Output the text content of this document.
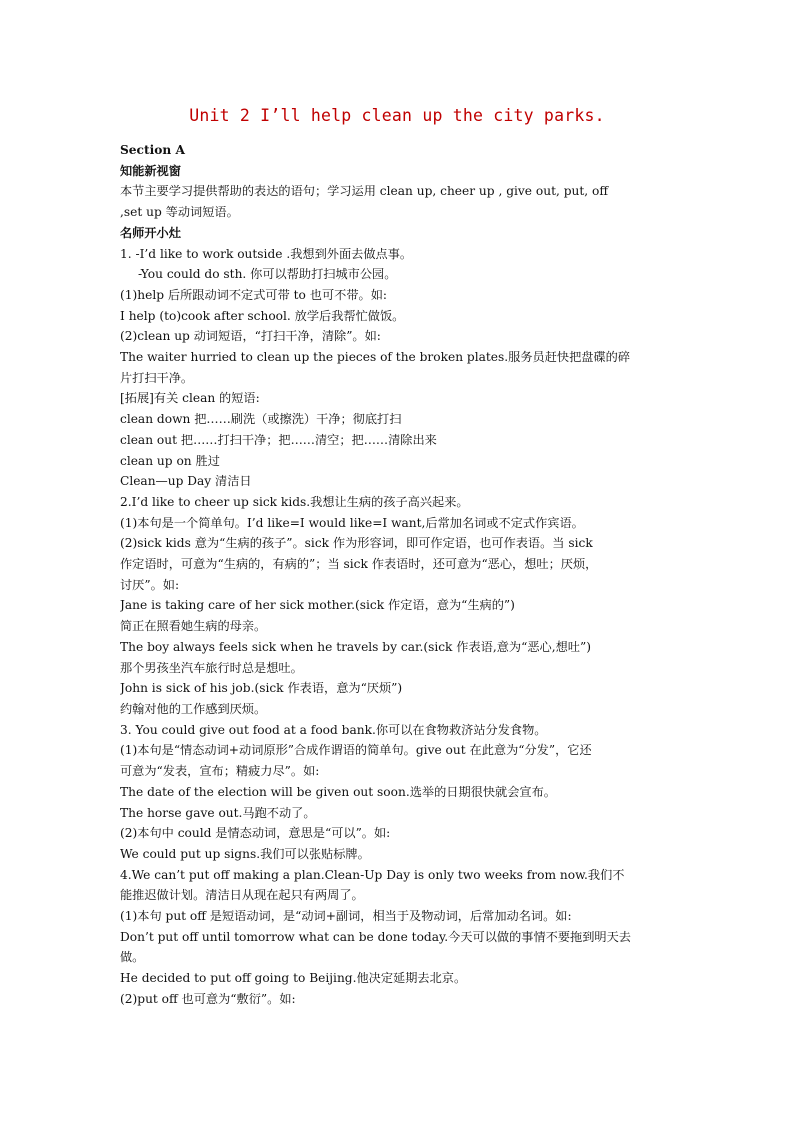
Unit 2 I’ll help clean up the city parks.
Section A
知能新视窗
本节主要学习提供帮助的表达的语句；学习运用 clean up, cheer up , give out, put, off
,set up 等动词短语。
名师开小灶
1. -I’d like to work outside .我想到外面去做点事。
-You could do sth. 你可以帮助打扫城市公园。
(1)help 后所跟动词不定式可带 to 也可不带。如:
I help (to)cook after school. 放学后我帮忙做饭。
(2)clean up 动词短语，“打扫干净，清除”。如:
The waiter hurried to clean up the pieces of the broken plates.服务员赶快把盘碟的碎
片打扫干净。
[拓展]有关 clean 的短语:
clean down 把……刷洗（或擦洗）干净；彻底打扫
clean out 把……打扫干净；把……清空；把……清除出来
clean up on 胜过
Clean—up Day 清洁日
2.I’d like to cheer up sick kids.我想让生病的孩子高兴起来。
(1)本句是一个简单句。I’d like=I would like=I want,后常加名词或不定式作宾语。
(2)sick kids 意为“生病的孩子”。sick 作为形容词，即可作定语，也可作表语。当 sick
作定语时，可意为“生病的，有病的”；当 sick 作表语时，还可意为“恶心，想吐；厌烦，
讨厌”。如:
Jane is taking care of her sick mother.(sick 作定语，意为“生病的”)
简正在照看她生病的母亲。
The boy always feels sick when he travels by car.(sick 作表语,意为“恶心,想吐”)
那个男孩坐汽车旅行时总是想吐。
John is sick of his job.(sick 作表语，意为“厌烦”)
约翰对他的工作感到厌烦。
3. You could give out food at a food bank.你可以在食物救济站分发食物。
(1)本句是“情态动词+动词原形”合成作谓语的简单句。give out 在此意为“分发”，它还
可意为“发表，宣布；精疲力尽”。如:
The date of the election will be given out soon.选举的日期很快就会宣布。
The horse gave out.马跑不动了。
(2)本句中 could 是情态动词，意思是“可以”。如:
We could put up signs.我们可以张贴标牌。
4.We can’t put off making a plan.Clean-Up Day is only two weeks from now.我们不
能推迟做计划。清洁日从现在起只有两周了。
(1)本句 put off 是短语动词，是“动词+副词，相当于及物动词，后常加动名词。如:
Don’t put off until tomorrow what can be done today.今天可以做的事情不要拖到明天去
做。
He decided to put off going to Beijing.他决定延期去北京。
(2)put off 也可意为“敷衍”。如:
